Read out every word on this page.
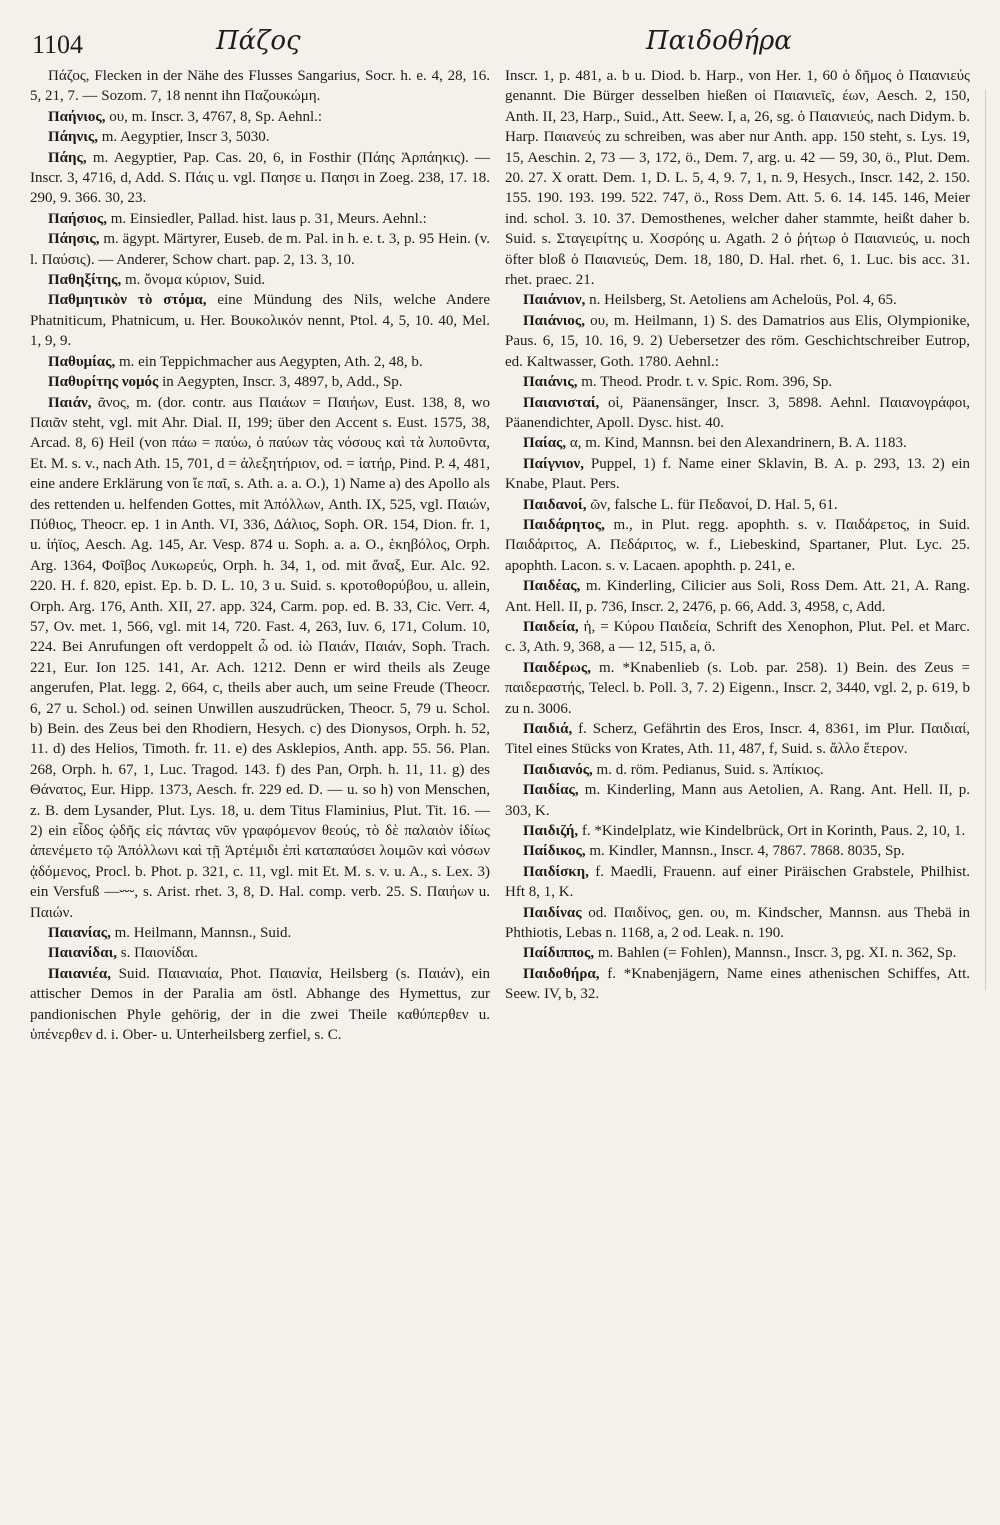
1104	Πάζος	Παιδοθήρα

Πάζος, Flecken in der Nähe des Flusses Sangarius, Socr. h. e. 4, 28, 16. 5, 21, 7. — Sozom. 7, 18 nennt ihn Παζουκώμη.

Παήνιος, ου, m. Inscr. 3, 4767, 8, Sp. Aehnl.:

Πάηνις, m. Aegyptier, Inscr 3, 5030.

Πάης, m. Aegyptier, Pap. Cas. 20, 6, in Fosthir (Πάης Ἀρπάηκις). — Inscr. 3, 4716, d, Add. S. Πάις u. vgl. Παησε u. Παησι in Zoeg. 238, 17. 18. 290, 9. 366. 30, 23.

Παήσιος, m. Einsiedler, Pallad. hist. laus p. 31, Meurs. Aehnl.:

Πάησις, m. ägypt. Märtyrer, Euseb. de m. Pal. in h. e. t. 3, p. 95 Hein. (v. l. Παύσις). — Anderer, Schow chart. pap. 2, 13. 3, 10.

Παθηξίτης, m. ὄνομα κύριον, Suid.

Παθμητικὸν τὸ στόμα, eine Mündung des Nils, welche Andere Phatniticum, Phatnicum, u. Her. Βουκολικόν nennt, Ptol. 4, 5, 10. 40, Mel. 1, 9, 9.

Παθυμίας, m. ein Teppichmacher aus Aegypten, Ath. 2, 48, b.

Παθυρίτης νομός in Aegypten, Inscr. 3, 4897, b, Add., Sp.

Παιάν, ᾶνος, m. (dor. contr. aus Παιάων = Παιήων, Eust. 138, 8, wo Παιᾶν steht, vgl. mit Ahr. Dial. II, 199; über den Accent s. Eust. 1575, 38, Arcad. 8, 6) Heil (von πάω = παύω, ὁ παύων τὰς νόσους καὶ τὰ λυποῦντα, Et. M. s. v., nach Ath. 15, 701, d = ἀλεξητήριον, od. = ἰατήρ, Pind. P. 4, 481, eine andere Erklärung von ἴε παῖ, s. Ath. a. a. O.), 1) Name a) des Apollo als des rettenden u. helfenden Gottes, mit Ἀπόλλων, Anth. IX, 525, vgl. Παιών, Πύθιος, Theocr. ep. 1 in Anth. VI, 336, Δάλιος, Soph. OR. 154, Dion. fr. 1, u. ἰήϊος, Aesch. Ag. 145, Ar. Vesp. 874 u. Soph. a. a. O., ἑκηβόλος, Orph. Arg. 1364, Φοῖβος Λυκωρεύς, Orph. h. 34, 1, od. mit ἄναξ, Eur. Alc. 92. 220. H. f. 820, epist. Ep. b. D. L. 10, 3 u. Suid. s. κροτοθορύβου, u. allein, Orph. Arg. 176, Anth. XII, 27. app. 324, Carm. pop. ed. B. 33, Cic. Verr. 4, 57, Ov. met. 1, 566, vgl. mit 14, 720. Fast. 4, 263, Iuv. 6, 171, Colum. 10, 224. Bei Anrufungen oft verdoppelt ὦ od. ἰὼ Παιάν, Παιάν, Soph. Trach. 221, Eur. Ion 125. 141, Ar. Ach. 1212. Denn er wird theils als Zeuge angerufen, Plat. legg. 2, 664, c, theils aber auch, um seine Freude (Theocr. 6, 27 u. Schol.) od. seinen Unwillen auszudrücken, Theocr. 5, 79 u. Schol. b) Bein. des Zeus bei den Rhodiern, Hesych. c) des Dionysos, Orph. h. 52, 11. d) des Helios, Timoth. fr. 11. e) des Asklepios, Anth. app. 55. 56. Plan. 268, Orph. h. 67, 1, Luc. Tragod. 143. f) des Pan, Orph. h. 11, 11. g) des Θάνατος, Eur. Hipp. 1373, Aesch. fr. 229 ed. D. — u. so h) von Menschen, z. B. dem Lysander, Plut. Lys. 18, u. dem Titus Flaminius, Plut. Tit. 16. — 2) ein εἶδος ᾠδῆς εἰς πάντας νῦν γραφόμενον θεούς, τὸ δὲ παλαιὸν ἰδίως ἀπενέμετο τῷ Ἀπόλλωνι καὶ τῇ Ἀρτέμιδι ἐπὶ καταπαύσει λοιμῶν καὶ νόσων ᾀδόμενος, Procl. b. Phot. p. 321, c. 11, vgl. mit Et. M. s. v. u. A., s. Lex. 3) ein Versfuß —⏑⏑⏑, s. Arist. rhet. 3, 8, D. Hal. comp. verb. 25. S. Παιήων u. Παιών.

Παιανίας, m. Heilmann, Mannsn., Suid.

Παιανίδαι, s. Παιονίδαι.

Παιανιέα, Suid. Παιανιαία, Phot. Παιανία, Heilsberg (s. Παιάν), ein attischer Demos in der Paralia am östl. Abhange des Hymettus, zur pandionischen Phyle gehörig, der in die zwei Theile καθύπερθεν u. ὑπένερθεν d. i. Ober- u. Unterheilsberg zerfiel, s. C.

Inscr. 1, p. 481, a. b u. Diod. b. Harp., von Her. 1, 60 ὁ δῆμος ὁ Παιανιεύς genannt. Die Bürger desselben hießen οἱ Παιανιεῖς, έων, Aesch. 2, 150, Anth. II, 23, Harp., Suid., Att. Seew. I, a, 26, sg. ὁ Παιανιεύς, nach Didym. b. Harp. Παιανεύς zu schreiben, was aber nur Anth. app. 150 steht, s. Lys. 19, 15, Aeschin. 2, 73 — 3, 172, ö., Dem. 7, arg. u. 42 — 59, 30, ö., Plut. Dem. 20. 27. X oratt. Dem. 1, D. L. 5, 4, 9. 7, 1, n. 9, Hesych., Inscr. 142, 2. 150. 155. 190. 193. 199. 522. 747, ö., Ross Dem. Att. 5. 6. 14. 145. 146, Meier ind. schol. 3. 10. 37. Demosthenes, welcher daher stammte, heißt daher b. Suid. s. Σταγειρίτης u. Χοσρόης u. Agath. 2 ὁ ῥήτωρ ὁ Παιανιεύς, u. noch öfter bloß ὁ Παιανιεύς, Dem. 18, 180, D. Hal. rhet. 6, 1. Luc. bis acc. 31. rhet. praec. 21.

Παιάνιον, n. Heilsberg, St. Aetoliens am Acheloüs, Pol. 4, 65.

Παιάνιος, ου, m. Heilmann, 1) S. des Damatrios aus Elis, Olympionike, Paus. 6, 15, 10. 16, 9. 2) Uebersetzer des röm. Geschichtschreiber Eutrop, ed. Kaltwasser, Goth. 1780. Aehnl.:

Παιάνις, m. Theod. Prodr. t. v. Spic. Rom. 396, Sp.

Παιανισταί, οἱ, Päanensänger, Inscr. 3, 5898. Aehnl. Παιανογράφοι, Päanendichter, Apoll. Dysc. hist. 40.

Παίας, α, m. Kind, Mannsn. bei den Alexandrinern, B. A. 1183.

Παίγνιον, Puppel, 1) f. Name einer Sklavin, B. A. p. 293, 13. 2) ein Knabe, Plaut. Pers.

Παιδανοί, ῶν, falsche L. für Πεδανοί, D. Hal. 5, 61.

Παιδάρητος, m., in Plut. regg. apophth. s. v. Παιδάρετος, in Suid. Παιδάριτος, A. Πεδάριτος, w. f., Liebeskind, Spartaner, Plut. Lyc. 25. apophth. Lacon. s. v. Lacaen. apophth. p. 241, e.

Παιδέας, m. Kinderling, Cilicier aus Soli, Ross Dem. Att. 21, A. Rang. Ant. Hell. II, p. 736, Inscr. 2, 2476, p. 66, Add. 3, 4958, c, Add.

Παιδεία, ἡ, = Κύρου Παιδεία, Schrift des Xenophon, Plut. Pel. et Marc. c. 3, Ath. 9, 368, a — 12, 515, a, ö.

Παιδέρως, m. *Knabenlieb (s. Lob. par. 258). 1) Bein. des Zeus = παιδεραστής, Telecl. b. Poll. 3, 7. 2) Eigenn., Inscr. 2, 3440, vgl. 2, p. 619, b zu n. 3006.

Παιδιά, f. Scherz, Gefährtin des Eros, Inscr. 4, 8361, im Plur. Παιδιαί, Titel eines Stücks von Krates, Ath. 11, 487, f, Suid. s. ἄλλο ἕτερον.

Παιδιανός, m. d. röm. Pedianus, Suid. s. Ἀπίκιος.

Παιδίας, m. Kinderling, Mann aus Aetolien, A. Rang. Ant. Hell. II, p. 303, K.

Παιδιζή, f. *Kindelplatz, wie Kindelbrück, Ort in Korinth, Paus. 2, 10, 1.

Παίδικος, m. Kindler, Mannsn., Inscr. 4, 7867. 7868. 8035, Sp.

Παιδίσκη, f. Maedli, Frauenn. auf einer Piräischen Grabstele, Philhist. Hft 8, 1, K.

Παιδίνας od. Παιδίνος, gen. ου, m. Kindscher, Mannsn. aus Thebä in Phthiotis, Lebas n. 1168, a, 2 od. Leak. n. 190.

Παίδιππος, m. Bahlen (= Fohlen), Mannsn., Inscr. 3, pg. XI. n. 362, Sp.

Παιδοθήρα, f. *Knabenjägern, Name eines athenischen Schiffes, Att. Seew. IV, b, 32.
